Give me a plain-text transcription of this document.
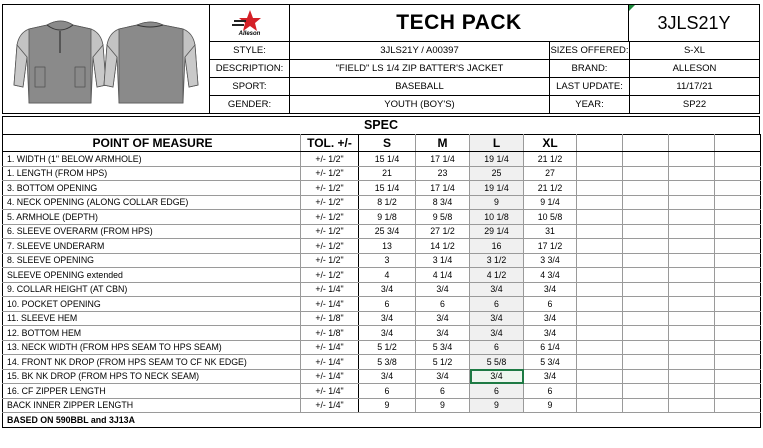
Alleson	TECH PACK	3JLS21Y
STYLE:	3JLS21Y / A00397	SIZES OFFERED:	S-XL
DESCRIPTION:	"FIELD" LS 1/4 ZIP BATTER'S JACKET	BRAND:	ALLESON
SPORT:	BASEBALL	LAST UPDATE:	11/17/21
GENDER:	YOUTH (BOY'S)	YEAR:	SP22
SPEC
POINT OF MEASURE	TOL. +/-	S	M	L	XL				
1. WIDTH (1" BELOW ARMHOLE)	+/- 1/2"	15 1/4	17 1/4	19 1/4	21 1/2				
1. LENGTH (FROM HPS)	+/- 1/2"	21	23	25	27				
3. BOTTOM OPENING	+/- 1/2"	15 1/4	17 1/4	19 1/4	21 1/2				
4. NECK OPENING (ALONG COLLAR EDGE)	+/- 1/2"	8 1/2	8 3/4	9	9 1/4				
5. ARMHOLE (DEPTH)	+/- 1/2"	9 1/8	9 5/8	10 1/8	10 5/8				
6. SLEEVE OVERARM (FROM HPS)	+/- 1/2"	25 3/4	27 1/2	29 1/4	31				
7. SLEEVE UNDERARM	+/- 1/2"	13	14 1/2	16	17 1/2				
8. SLEEVE OPENING	+/- 1/2"	3	3 1/4	3 1/2	3 3/4				
SLEEVE OPENING extended	+/- 1/2"	4	4 1/4	4 1/2	4 3/4				
9. COLLAR HEIGHT (AT CBN)	+/- 1/4"	3/4	3/4	3/4	3/4				
10. POCKET OPENING	+/- 1/4"	6	6	6	6				
11. SLEEVE HEM	+/- 1/8"	3/4	3/4	3/4	3/4				
12. BOTTOM HEM	+/- 1/8"	3/4	3/4	3/4	3/4				
13. NECK WIDTH (FROM HPS SEAM TO HPS SEAM)	+/- 1/4"	5 1/2	5 3/4	6	6 1/4				
14. FRONT NK DROP (FROM HPS SEAM TO CF NK EDGE)	+/- 1/4"	5 3/8	5 1/2	5 5/8	5 3/4				
15. BK NK DROP (FROM HPS TO NECK SEAM)	+/- 1/4"	3/4	3/4	3/4	3/4				
16. CF ZIPPER LENGTH	+/- 1/4"	6	6	6	6				
BACK INNER ZIPPER LENGTH	+/- 1/4"	9	9	9	9				
BASED ON 590BBL and 3J13A									
